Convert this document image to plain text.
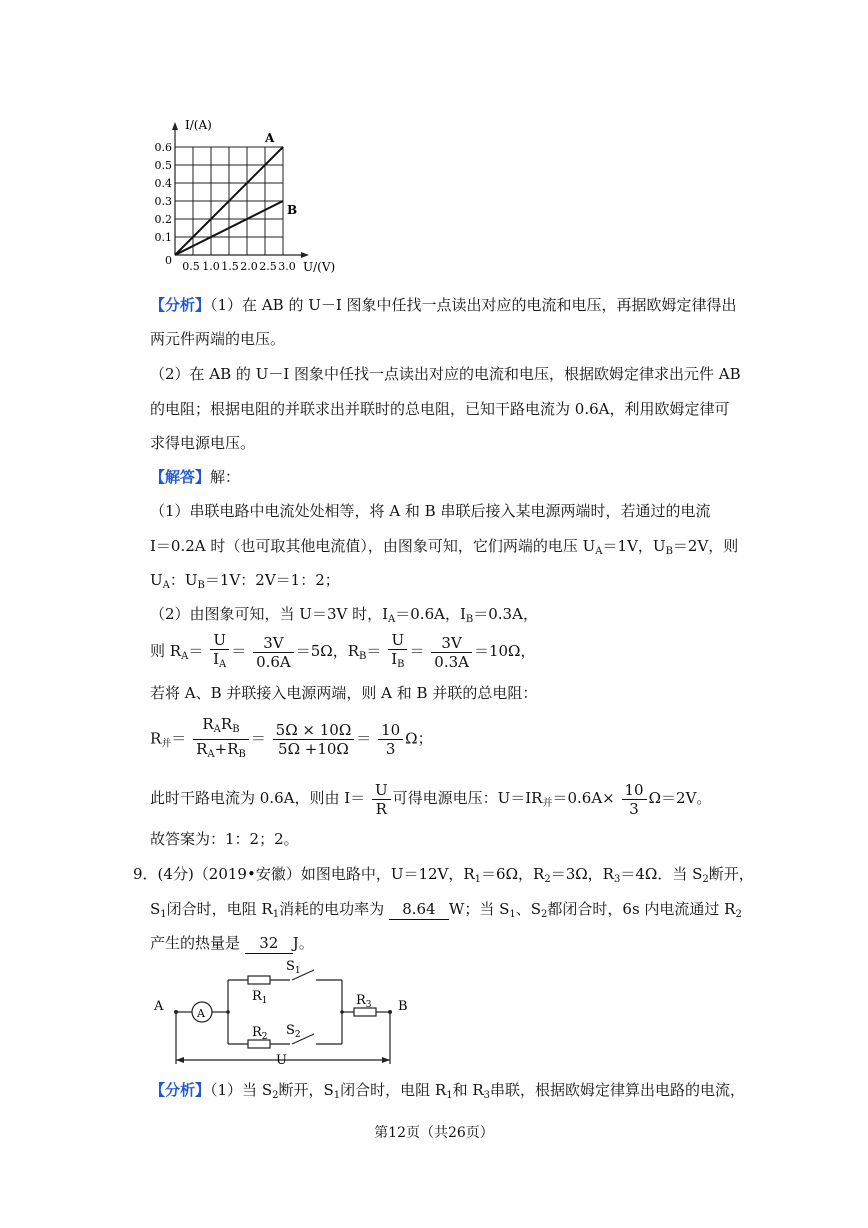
I/(A)
A
B
0.6
0.5
0.4
0.3
0.2
0.1
0 0.5 1.0 1.5 2.0 2.5 3.0 U/(V)
【分析】（1）在 AB 的 U－I 图象中任找一点读出对应的电流和电压，再据欧姆定律得出
两元件两端的电压。
（2）在 AB 的 U－I 图象中任找一点读出对应的电流和电压，根据欧姆定律求出元件 AB
的电阻；根据电阻的并联求出并联时的总电阻，已知干路电流为 0.6A，利用欧姆定律可
求得电源电压。
【解答】解：
（1）串联电路中电流处处相等，将 A 和 B 串联后接入某电源两端时，若通过的电流
I＝0.2A 时（也可取其他电流值），由图象可知，它们两端的电压 $U_A=1V$，$U_B=2V$，则
$U_A$：$U_B=1V$：2V＝1：2；
（2）由图象可知，当 U＝3V 时，$I_A=0.6A$，$I_B=0.3A$，
则 $R_A= \frac{U}{I_A} = \frac{3V}{0.6A} =5\Omega$，$R_B= \frac{U}{I_B} = \frac{3V}{0.3A} =10\Omega$，
若将 A、B 并联接入电源两端，则 A 和 B 并联的总电阻：
$R_并= \frac{R_AR_B}{R_A+R_B} = \frac{5\Omega \times 10\Omega}{5\Omega +10\Omega} = \frac{10}{3}$ Ω；
此时干路电流为 0.6A，则由 $I= \frac{U}{R}$ 可得电源电压：$U=IR_并=0.6A\times \frac{10}{3} \Omega=2V$。
故答案为：1：2；2。
9．(4分)（2019•安徽）如图电路中，U＝12V，$R_1=6\Omega$，$R_2=3\Omega$，$R_3=4\Omega$．当 $S_2$断开，
$S_1$闭合时，电阻 $R_1$消耗的电功率为 8.64 W；当 $S_1$、$S_2$都闭合时，6s 内电流通过 $R_2$
产生的热量是 32 J。
A	B
A
$S_1$
$R_1$	$R_3$
$R_2$ $S_2$
U
【分析】（1）当 $S_2$断开，$S_1$闭合时，电阻 $R_1$和 $R_3$串联，根据欧姆定律算出电路的电流，
第12页（共26页）
